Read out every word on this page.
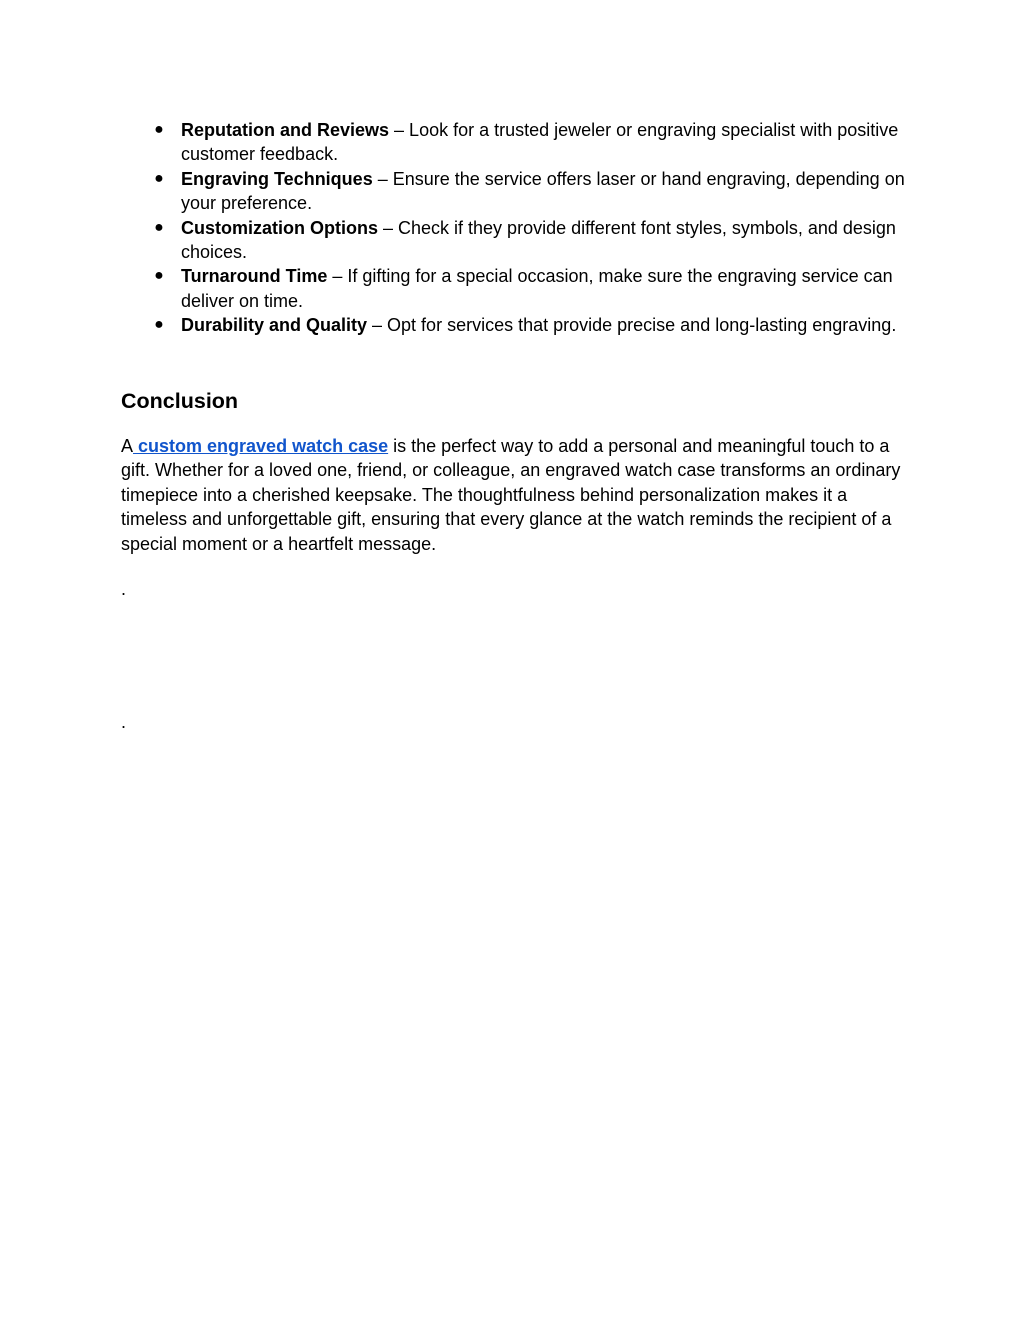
● Reputation and Reviews – Look for a trusted jeweler or engraving specialist with positive customer feedback.
● Engraving Techniques – Ensure the service offers laser or hand engraving, depending on your preference.
● Customization Options – Check if they provide different font styles, symbols, and design choices.
● Turnaround Time – If gifting for a special occasion, make sure the engraving service can deliver on time.
● Durability and Quality – Opt for services that provide precise and long-lasting engraving.
Conclusion

A custom engraved watch case is the perfect way to add a personal and meaningful touch to a gift. Whether for a loved one, friend, or colleague, an engraved watch case transforms an ordinary timepiece into a cherished keepsake. The thoughtfulness behind personalization makes it a timeless and unforgettable gift, ensuring that every glance at the watch reminds the recipient of a special moment or a heartfelt message.

.

.
